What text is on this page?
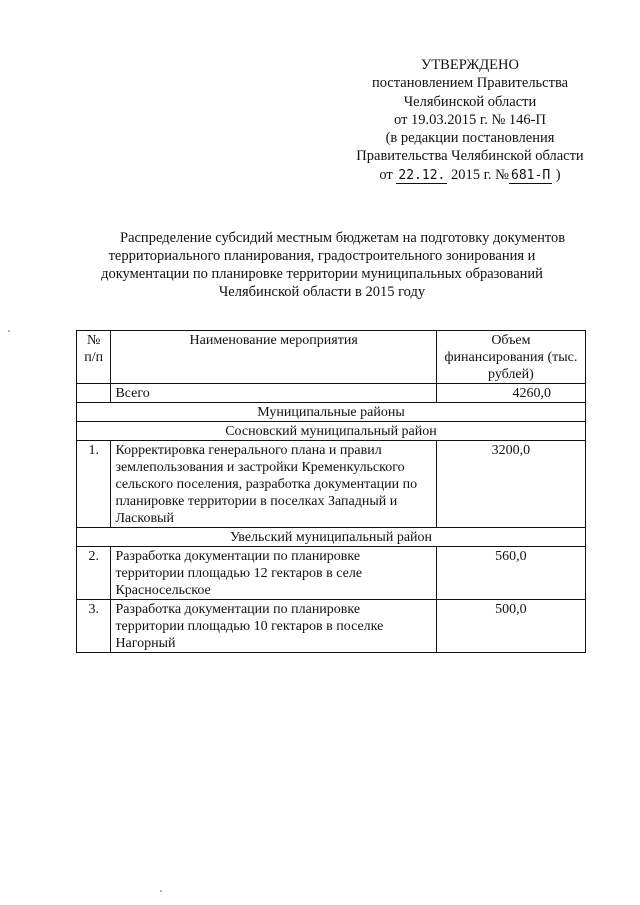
УТВЕРЖДЕНО
постановлением Правительства
Челябинской области
от 19.03.2015 г. № 146-П
(в редакции постановления
Правительства Челябинской области
от 22.12. 2015 г. № 681-П )
Распределение субсидий местным бюджетам на подготовку документов
территориального планирования, градостроительного зонирования и
документации по планировке территории муниципальных образований
Челябинской области в 2015 году
№ п/п	Наименование мероприятия	Объем финансирования (тыс. рублей)
	Всего	4260,0
Муниципальные районы		
Сосновский муниципальный район		
1.	Корректировка генерального плана и правил землепользования и застройки Кременкульского сельского поселения, разработка документации по планировке территории в поселках Западный и Ласковый	3200,0
Увельский муниципальный район		
2.	Разработка документации по планировке территории площадью 12 гектаров в селе Красносельское	560,0
3.	Разработка документации по планировке территории площадью 10 гектаров в поселке Нагорный	500,0
